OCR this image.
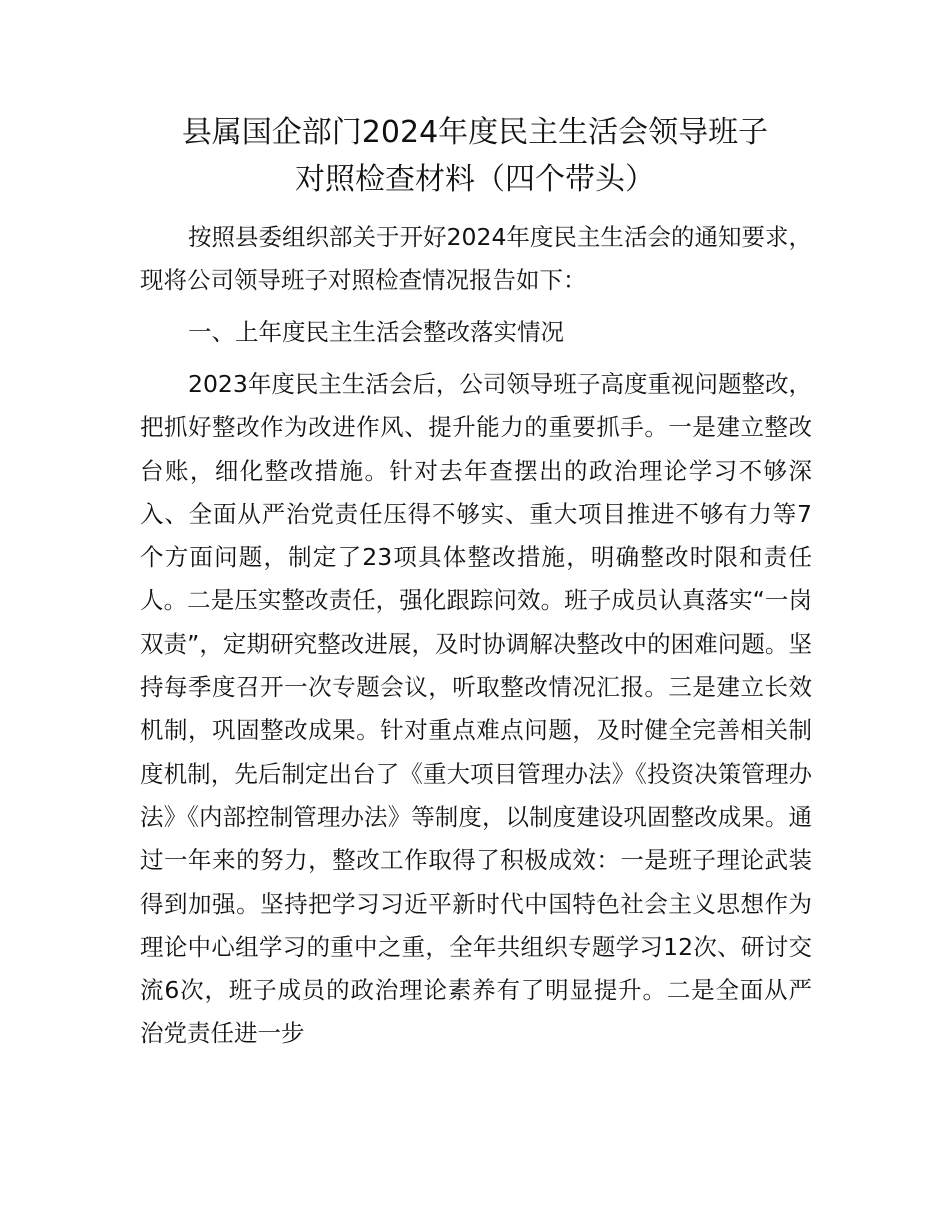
县属国企部门2024年度民主生活会领导班子
对照检查材料（四个带头）

按照县委组织部关于开好2024年度民主生活会的通知要求，现将公司领导班子对照检查情况报告如下：

一、上年度民主生活会整改落实情况

2023年度民主生活会后，公司领导班子高度重视问题整改，把抓好整改作为改进作风、提升能力的重要抓手。一是建立整改台账，细化整改措施。针对去年查摆出的政治理论学习不够深入、全面从严治党责任压得不够实、重大项目推进不够有力等7个方面问题，制定了23项具体整改措施，明确整改时限和责任人。二是压实整改责任，强化跟踪问效。班子成员认真落实“一岗双责”，定期研究整改进展，及时协调解决整改中的困难问题。坚持每季度召开一次专题会议，听取整改情况汇报。三是建立长效机制，巩固整改成果。针对重点难点问题，及时健全完善相关制度机制，先后制定出台了《重大项目管理办法》《投资决策管理办法》《内部控制管理办法》等制度，以制度建设巩固整改成果。通过一年来的努力，整改工作取得了积极成效：一是班子理论武装得到加强。坚持把学习习近平新时代中国特色社会主义思想作为理论中心组学习的重中之重，全年共组织专题学习12次、研讨交流6次，班子成员的政治理论素养有了明显提升。二是全面从严治党责任进一步
